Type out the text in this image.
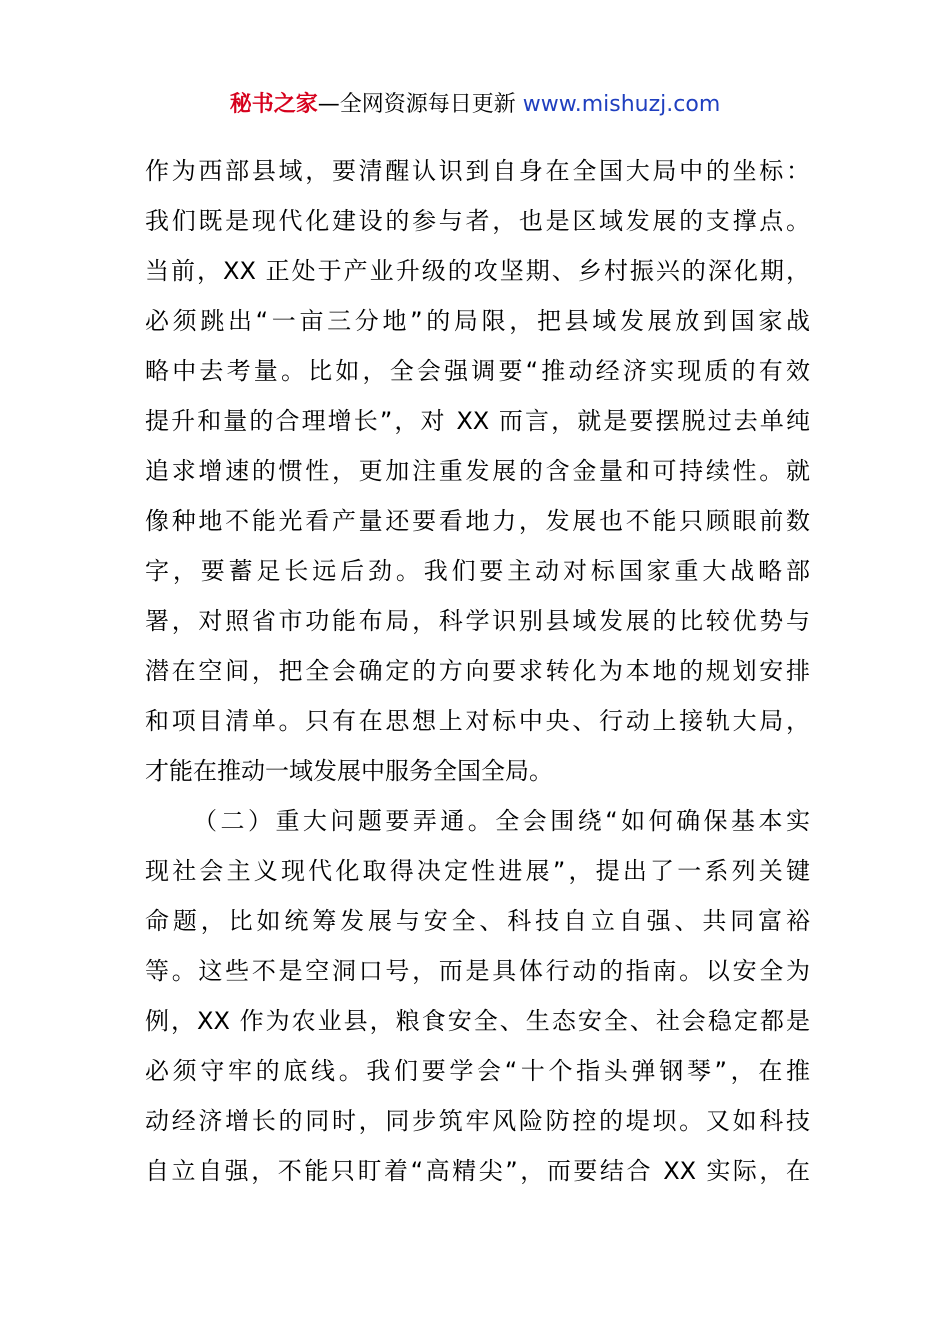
秘书之家—全网资源每日更新 www.mishuzj.com
作为西部县域，要清醒认识到自身在全国大局中的坐标：
我们既是现代化建设的参与者，也是区域发展的支撑点。
当前，XX 正处于产业升级的攻坚期、乡村振兴的深化期，
必须跳出“一亩三分地”的局限，把县域发展放到国家战
略中去考量。比如，全会强调要“推动经济实现质的有效
提升和量的合理增长”，对 XX 而言，就是要摆脱过去单纯
追求增速的惯性，更加注重发展的含金量和可持续性。就
像种地不能光看产量还要看地力，发展也不能只顾眼前数
字，要蓄足长远后劲。我们要主动对标国家重大战略部
署，对照省市功能布局，科学识别县域发展的比较优势与
潜在空间，把全会确定的方向要求转化为本地的规划安排
和项目清单。只有在思想上对标中央、行动上接轨大局，
才能在推动一域发展中服务全国全局。
（二）重大问题要弄通。全会围绕“如何确保基本实
现社会主义现代化取得决定性进展”，提出了一系列关键
命题，比如统筹发展与安全、科技自立自强、共同富裕
等。这些不是空洞口号，而是具体行动的指南。以安全为
例，XX 作为农业县，粮食安全、生态安全、社会稳定都是
必须守牢的底线。我们要学会“十个指头弹钢琴”，在推
动经济增长的同时，同步筑牢风险防控的堤坝。又如科技
自立自强，不能只盯着“高精尖”，而要结合 XX 实际，在
